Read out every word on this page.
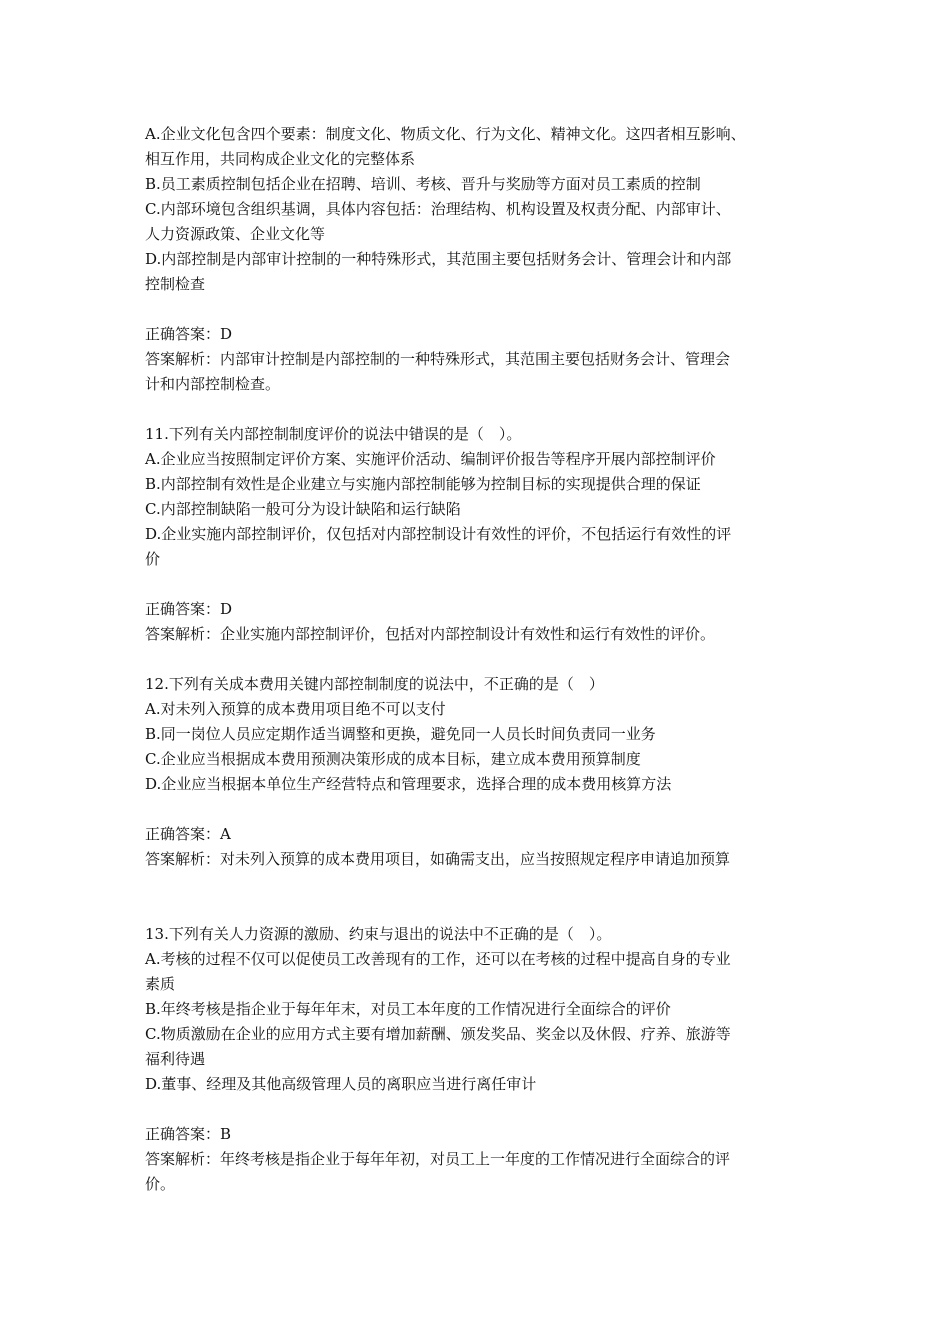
A.企业文化包含四个要素：制度文化、物质文化、行为文化、精神文化。这四者相互影响、
相互作用，共同构成企业文化的完整体系
B.员工素质控制包括企业在招聘、培训、考核、晋升与奖励等方面对员工素质的控制
C.内部环境包含组织基调，具体内容包括：治理结构、机构设置及权责分配、内部审计、
人力资源政策、企业文化等
D.内部控制是内部审计控制的一种特殊形式，其范围主要包括财务会计、管理会计和内部
控制检查
正确答案：D
答案解析：内部审计控制是内部控制的一种特殊形式，其范围主要包括财务会计、管理会
计和内部控制检查。
11.下列有关内部控制制度评价的说法中错误的是（　）。
A.企业应当按照制定评价方案、实施评价活动、编制评价报告等程序开展内部控制评价
B.内部控制有效性是企业建立与实施内部控制能够为控制目标的实现提供合理的保证
C.内部控制缺陷一般可分为设计缺陷和运行缺陷
D.企业实施内部控制评价，仅包括对内部控制设计有效性的评价，不包括运行有效性的评
价
正确答案：D
答案解析：企业实施内部控制评价，包括对内部控制设计有效性和运行有效性的评价。
12.下列有关成本费用关键内部控制制度的说法中，不正确的是（　）
A.对未列入预算的成本费用项目绝不可以支付
B.同一岗位人员应定期作适当调整和更换，避免同一人员长时间负责同一业务
C.企业应当根据成本费用预测决策形成的成本目标，建立成本费用预算制度
D.企业应当根据本单位生产经营特点和管理要求，选择合理的成本费用核算方法
正确答案：A
答案解析：对未列入预算的成本费用项目，如确需支出，应当按照规定程序申请追加预算
13.下列有关人力资源的激励、约束与退出的说法中不正确的是（　）。
A.考核的过程不仅可以促使员工改善现有的工作，还可以在考核的过程中提高自身的专业
素质
B.年终考核是指企业于每年年末，对员工本年度的工作情况进行全面综合的评价
C.物质激励在企业的应用方式主要有增加薪酬、颁发奖品、奖金以及休假、疗养、旅游等
福利待遇
D.董事、经理及其他高级管理人员的离职应当进行离任审计
正确答案：B
答案解析：年终考核是指企业于每年年初，对员工上一年度的工作情况进行全面综合的评
价。
